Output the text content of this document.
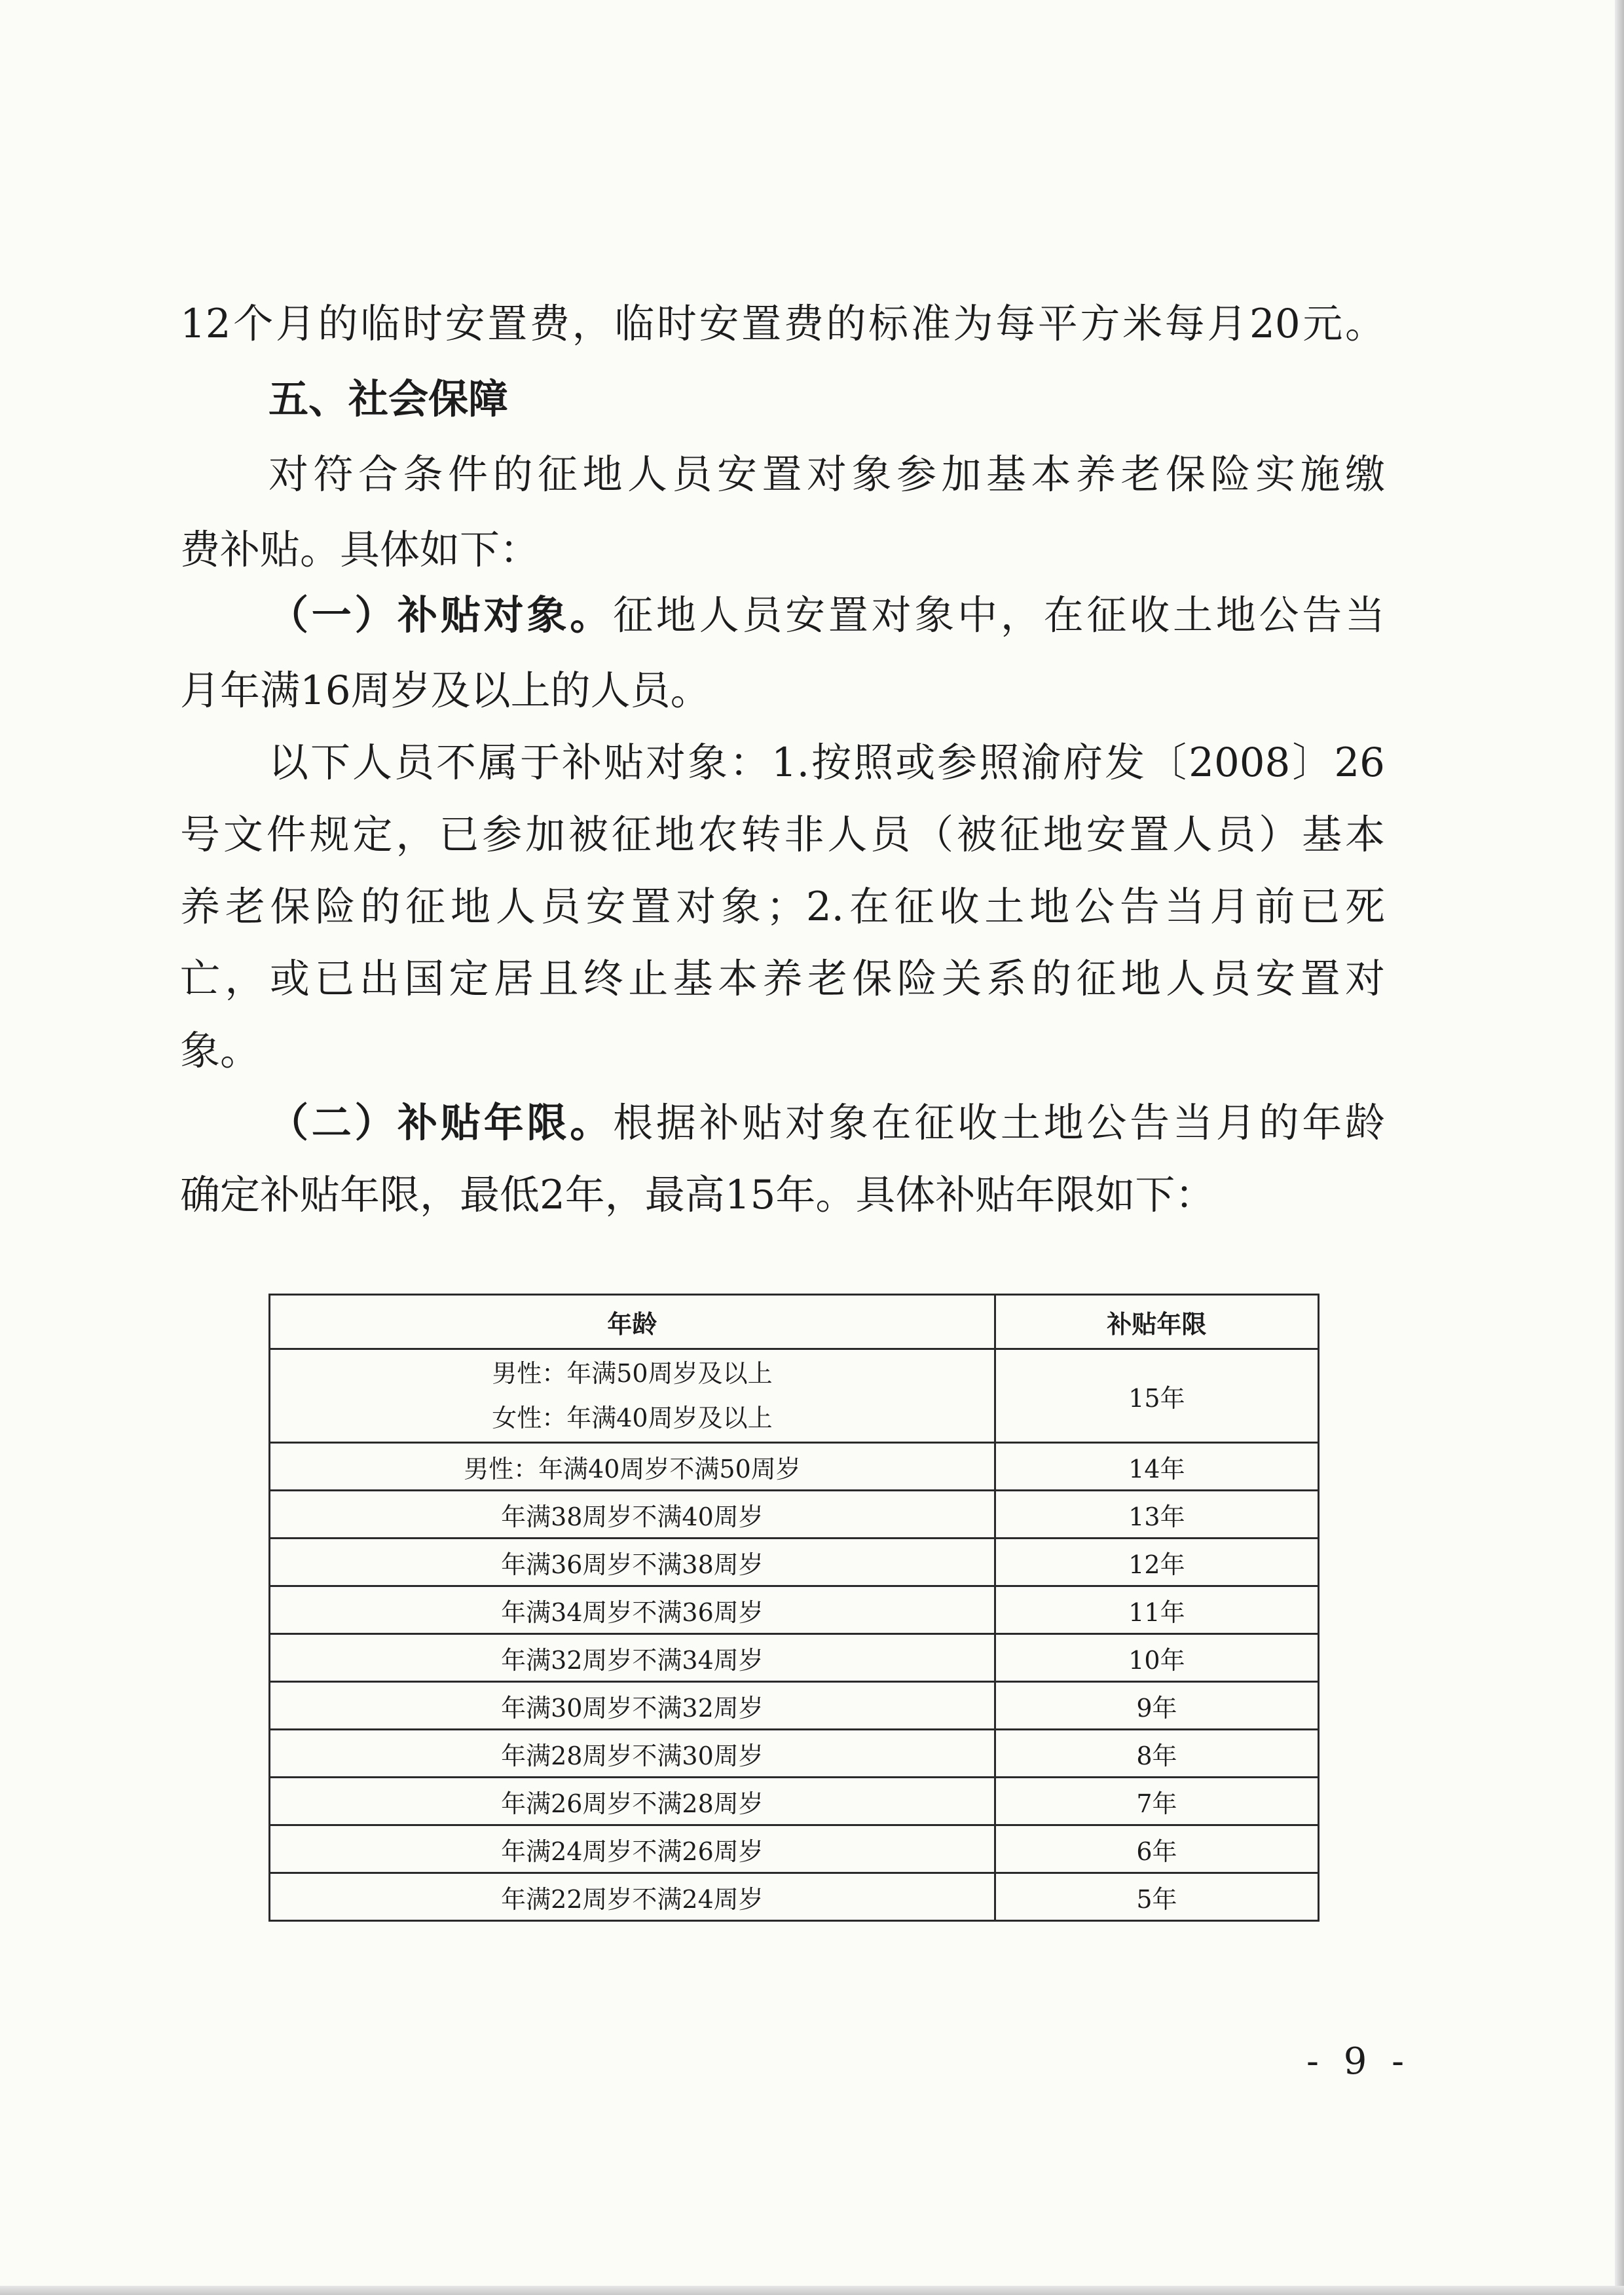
12个月的临时安置费，临时安置费的标准为每平方米每月20元。
五、社会保障
对符合条件的征地人员安置对象参加基本养老保险实施缴
费补贴。具体如下：
（一）补贴对象。征地人员安置对象中，在征收土地公告当
月年满16周岁及以上的人员。
以下人员不属于补贴对象：1.按照或参照渝府发〔2008〕26
号文件规定，已参加被征地农转非人员（被征地安置人员）基本
养老保险的征地人员安置对象；2.在征收土地公告当月前已死
亡，或已出国定居且终止基本养老保险关系的征地人员安置对
象。
（二）补贴年限。根据补贴对象在征收土地公告当月的年龄
确定补贴年限，最低2年，最高15年。具体补贴年限如下：
年龄	补贴年限

男性：年满50周岁及以上
女性：年满40周岁及以上	15年
男性：年满40周岁不满50周岁	14年
年满38周岁不满40周岁	13年
年满36周岁不满38周岁	12年
年满34周岁不满36周岁	11年
年满32周岁不满34周岁	10年
年满30周岁不满32周岁	9年
年满28周岁不满30周岁	8年
年满26周岁不满28周岁	7年
年满24周岁不满26周岁	6年
年满22周岁不满24周岁	5年
- 9 -
